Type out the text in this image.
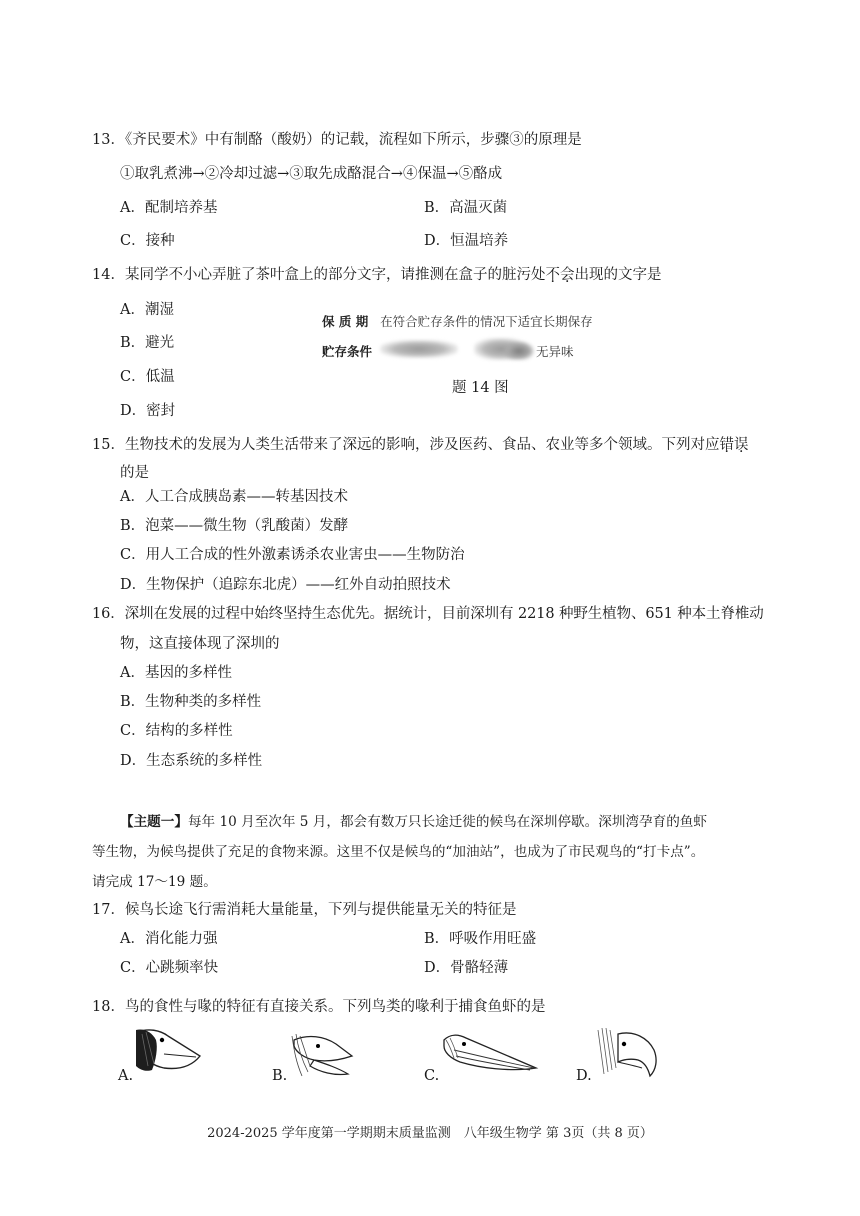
13．《齐民要术》中有制酪（酸奶）的记载，流程如下所示，步骤③的原理是
①取乳煮沸→②冷却过滤→③取先成酪混合→④保温→⑤酪成
A．配制培养基	B．高温灭菌
C．接种	D．恒温培养
14．某同学不小心弄脏了茶叶盒上的部分文字，请推测在盒子的脏污处不会出现的文字是
A．潮湿
B．避光
C．低温
D．密封
保 质 期 在符合贮存条件的情况下适宜长期保存
贮存条件	无异味
题 14 图
15．生物技术的发展为人类生活带来了深远的影响，涉及医药、食品、农业等多个领域。下列对应错误
的是
A．人工合成胰岛素——转基因技术
B．泡菜——微生物（乳酸菌）发酵
C．用人工合成的性外激素诱杀农业害虫——生物防治
D．生物保护（追踪东北虎）——红外自动拍照技术
16．深圳在发展的过程中始终坚持生态优先。据统计，目前深圳有 2218 种野生植物、651 种本土脊椎动
物，这直接体现了深圳的
A．基因的多样性
B．生物种类的多样性
C．结构的多样性
D．生态系统的多样性
【主题一】每年 10 月至次年 5 月，都会有数万只长途迁徙的候鸟在深圳停歇。深圳湾孕育的鱼虾
等生物，为候鸟提供了充足的食物来源。这里不仅是候鸟的“加油站”，也成为了市民观鸟的“打卡点”。
请完成 17～19 题。
17．候鸟长途飞行需消耗大量能量，下列与提供能量无关的特征是
A．消化能力强	B．呼吸作用旺盛
C．心跳频率快	D．骨骼轻薄
18．鸟的食性与喙的特征有直接关系。下列鸟类的喙利于捕食鱼虾的是
A.	B.	C.	D.
2024-2025 学年度第一学期期末质量监测　八年级生物学 第 3页（共 8 页）
